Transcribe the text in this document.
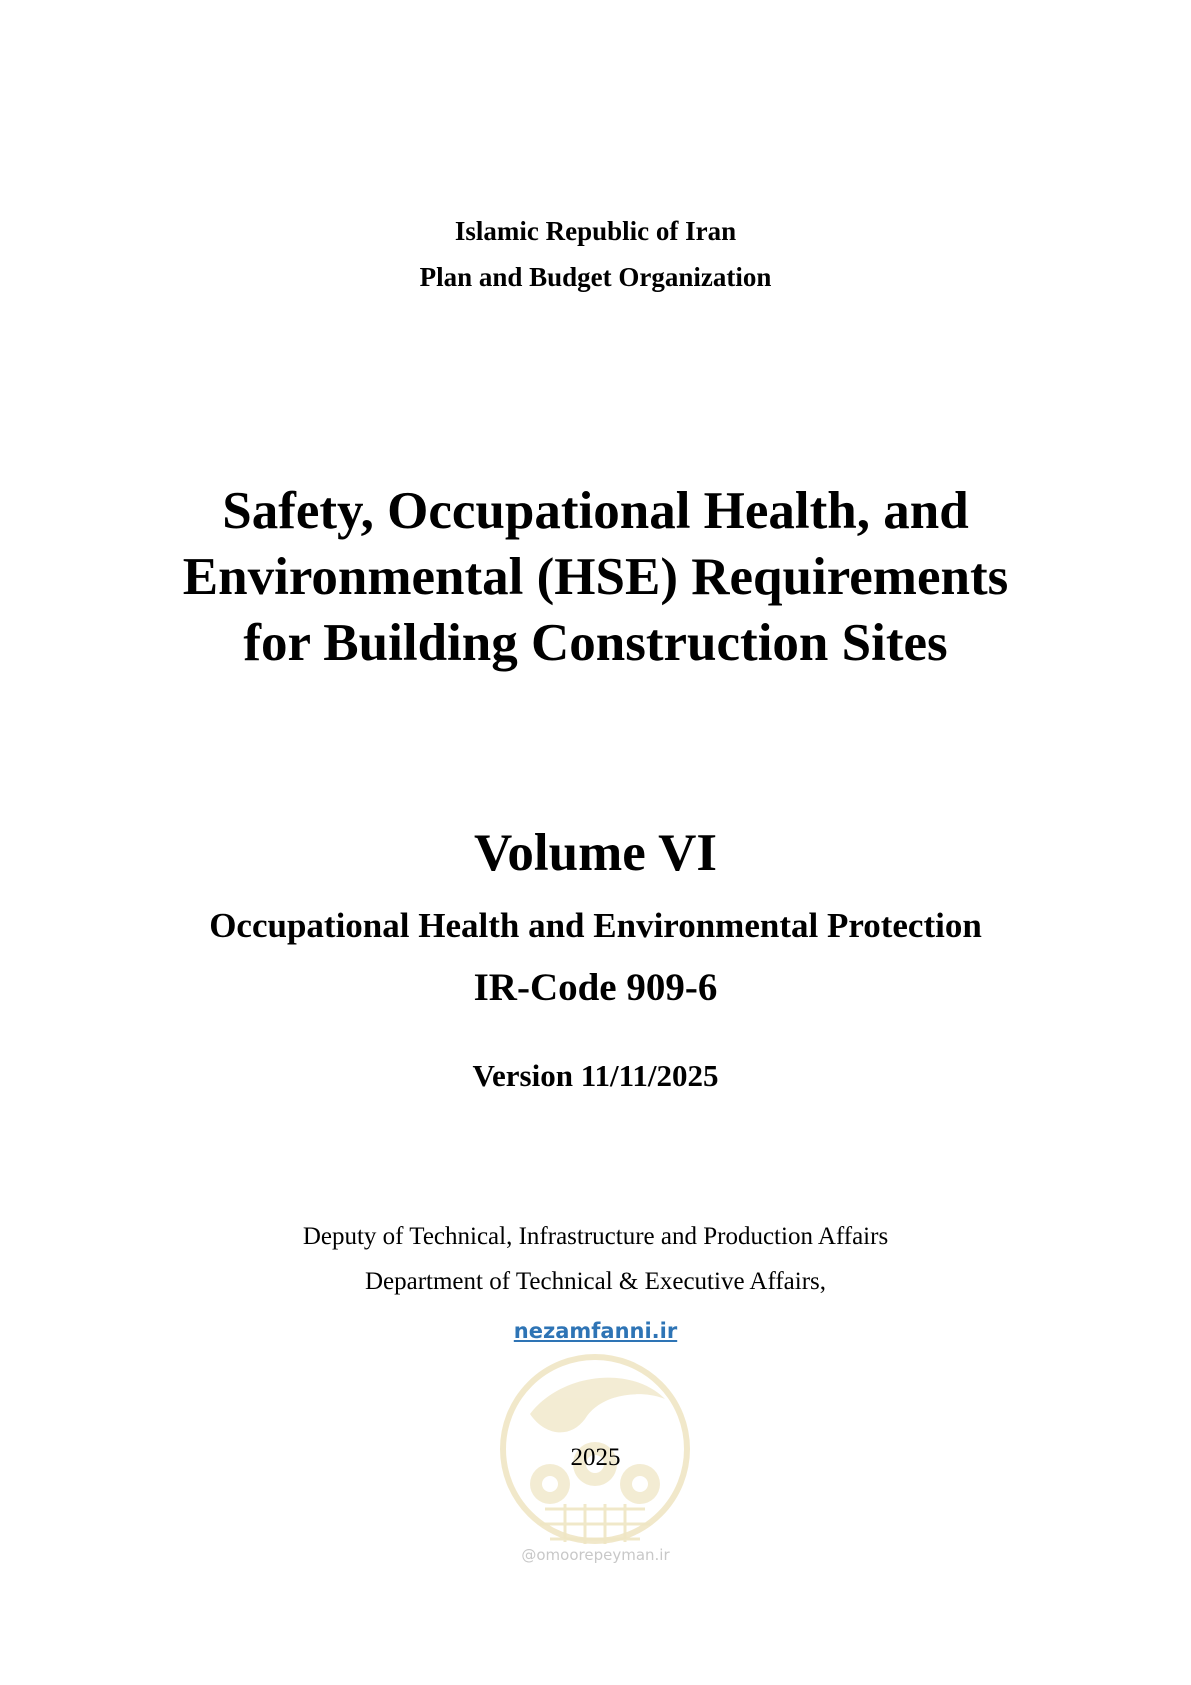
Islamic Republic of Iran
Plan and Budget Organization
Safety, Occupational Health, and
Environmental (HSE) Requirements
for Building Construction Sites
Volume VI
Occupational Health and Environmental Protection
IR-Code 909-6
Version 11/11/2025
Deputy of Technical, Infrastructure and Production Affairs
Department of Technical & Executive Affairs,
nezamfanni.ir
2025
@omoorepeyman.ir
